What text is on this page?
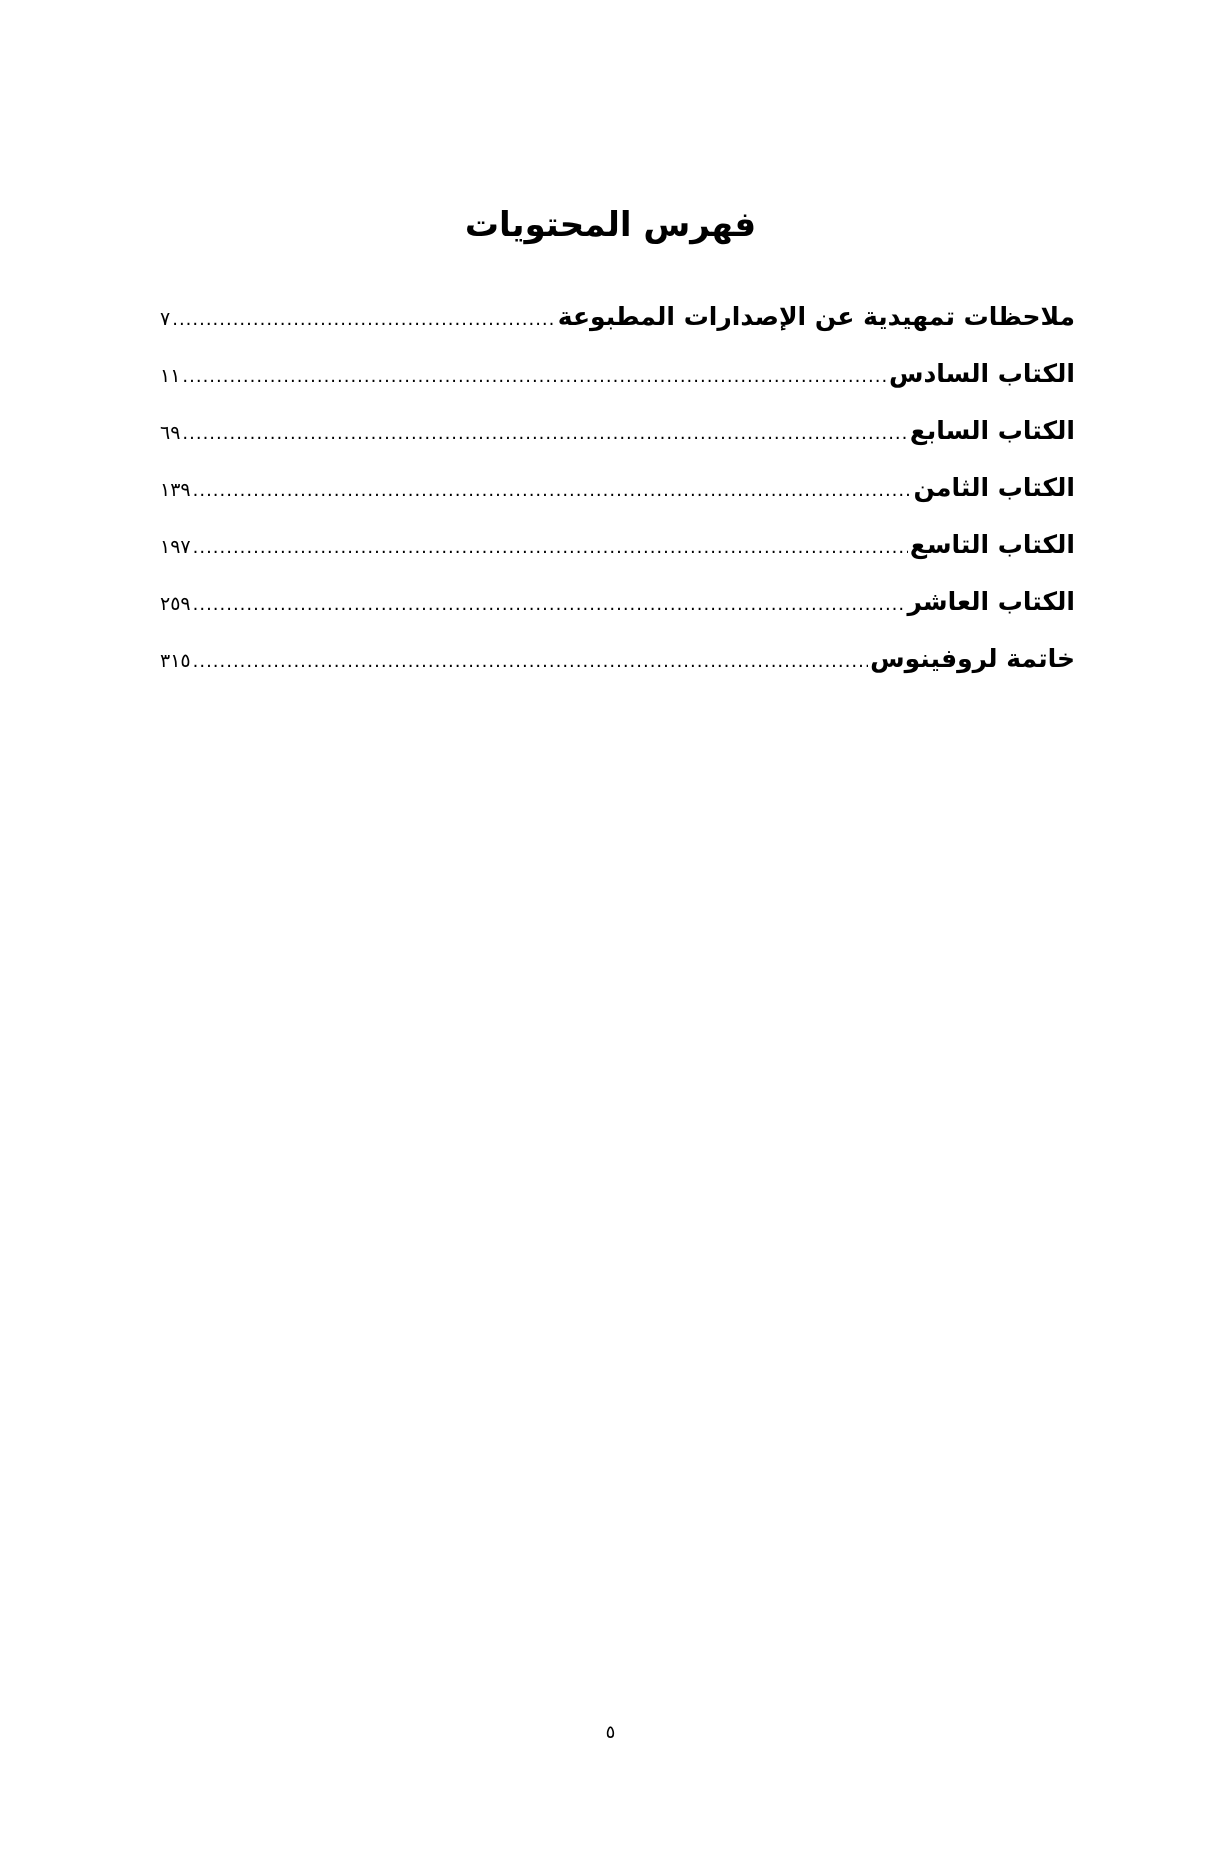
فهرس المحتويات
ملاحظات تمهيدية عن الإصدارات المطبوعة
.....
٧
الكتاب السادس
.....
١١
الكتاب السابع
.....
٦٩
الكتاب الثامن
.....
١٣٩
الكتاب التاسع
.....
١٩٧
الكتاب العاشر
.....
٢٥٩
خاتمة لروفينوس
.....
٣١٥
٥
